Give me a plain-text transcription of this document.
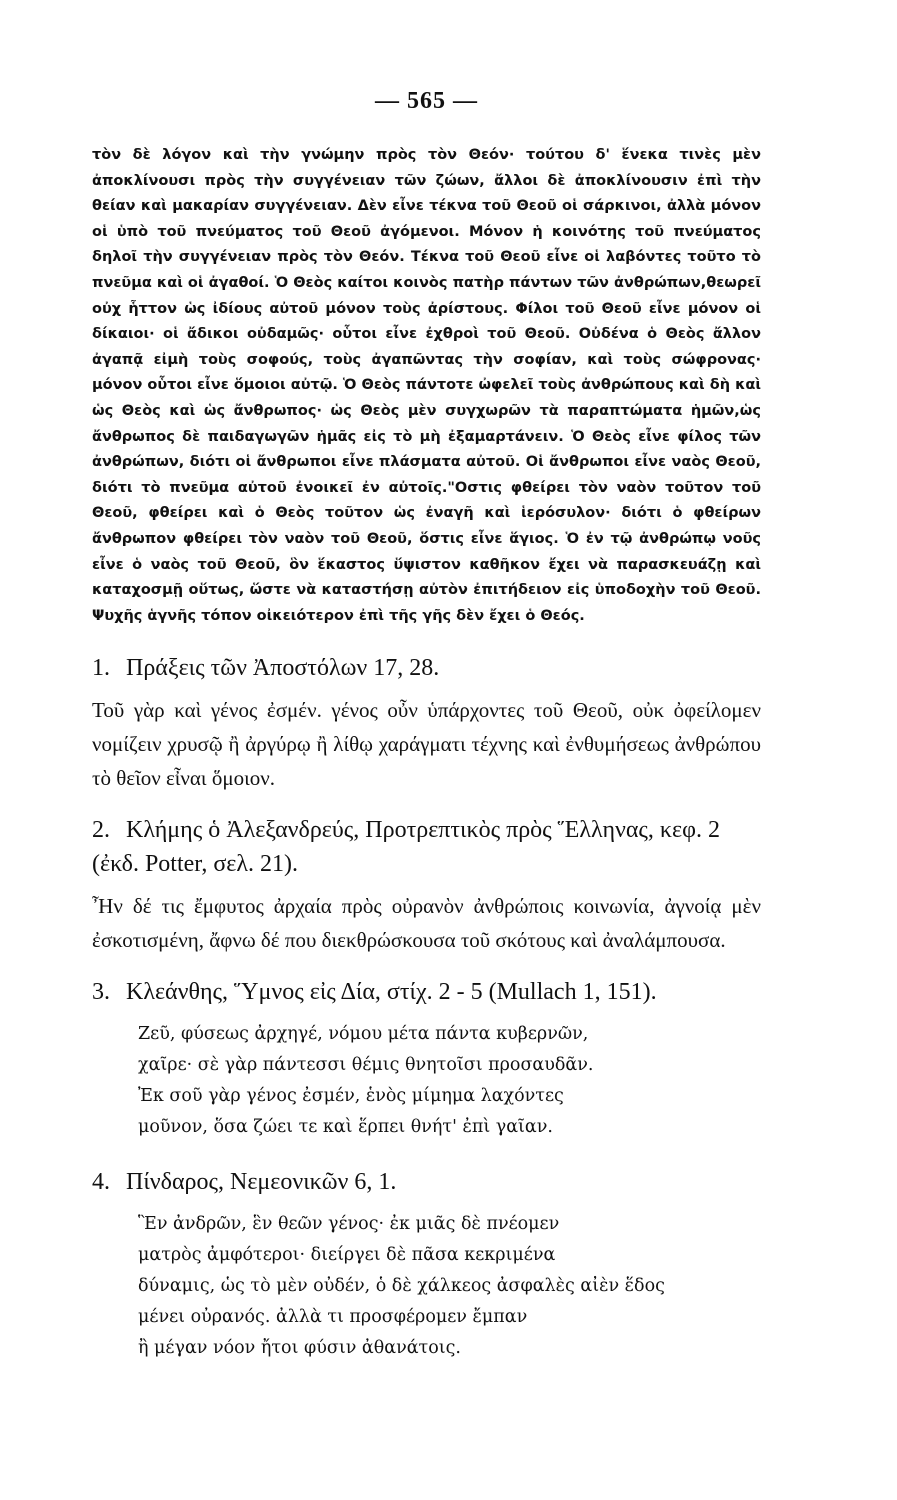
— 565 —

τὸν δὲ λόγον καὶ τὴν γνώμην πρὸς τὸν Θεόν· τούτου δ' ἕνεκα τινὲς μὲν ἀποκλίνουσι πρὸς τὴν συγγένειαν τῶν ζώων, ἄλλοι δὲ ἀποκλίνουσιν ἐπὶ τὴν θείαν καὶ μακαρίαν συγγένειαν. Δὲν εἶνε τέκνα τοῦ Θεοῦ οἱ σάρκινοι, ἀλλὰ μόνον οἱ ὑπὸ τοῦ πνεύματος τοῦ Θεοῦ ἀγόμενοι. Μόνον ἡ κοινότης τοῦ πνεύματος δηλοῖ τὴν συγγένειαν πρὸς τὸν Θεόν. Τέκνα τοῦ Θεοῦ εἶνε οἱ λαβόντες τοῦτο τὸ πνεῦμα καὶ οἱ ἀγαθοί. Ὁ Θεὸς καίτοι κοινὸς πατὴρ πάντων τῶν ἀνθρώπων,θεωρεῖ οὐχ ἧττον ὡς ἰδίους αὐτοῦ μόνον τοὺς ἀρίστους. Φίλοι τοῦ Θεοῦ εἶνε μόνον οἱ δίκαιοι· οἱ ἄδικοι οὐδαμῶς· οὗτοι εἶνε ἐχθροὶ τοῦ Θεοῦ. Οὐδένα ὁ Θεὸς ἄλλον ἀγαπᾷ εἰμὴ τοὺς σοφούς, τοὺς ἀγαπῶντας τὴν σοφίαν, καὶ τοὺς σώφρονας· μόνον οὗτοι εἶνε ὅμοιοι αὐτῷ. Ὁ Θεὸς πάντοτε ὠφελεῖ τοὺς ἀνθρώπους καὶ δὴ καὶ ὡς Θεὸς καὶ ὡς ἄνθρωπος· ὡς Θεὸς μὲν συγχωρῶν τὰ παραπτώματα ἡμῶν,ὡς ἄνθρωπος δὲ παιδαγωγῶν ἡμᾶς εἰς τὸ μὴ ἐξαμαρτάνειν. Ὁ Θεὸς εἶνε φίλος τῶν ἀνθρώπων, διότι οἱ ἄνθρωποι εἶνε πλάσματα αὐτοῦ. Οἱ ἄνθρωποι εἶνε ναὸς Θεοῦ, διότι τὸ πνεῦμα αὐτοῦ ἐνοικεῖ ἐν αὐτοῖς."Οστις φθείρει τὸν ναὸν τοῦτον τοῦ Θεοῦ, φθείρει καὶ ὁ Θεὸς τοῦτον ὡς ἐναγῆ καὶ ἱερόσυλον· διότι ὁ φθείρων ἄνθρωπον φθείρει τὸν ναὸν τοῦ Θεοῦ, ὅστις εἶνε ἅγιος. Ὁ ἐν τῷ ἀνθρώπῳ νοῦς εἶνε ὁ ναὸς τοῦ Θεοῦ, ὃν ἕκαστος ὕψιστον καθῆκον ἔχει νὰ παρασκευάζῃ καὶ καταχοσμῇ οὕτως, ὥστε νὰ καταστήσῃ αὐτὸν ἐπιτήδειον εἰς ὑποδοχὴν τοῦ Θεοῦ. Ψυχῆς ἁγνῆς τόπον οἰκειότερον ἐπὶ τῆς γῆς δὲν ἔχει ὁ Θεός.

1. Πράξεις τῶν Ἀποστόλων 17, 28.

Τοῦ γὰρ καὶ γένος ἐσμέν. γένος οὖν ὑπάρχοντες τοῦ Θεοῦ, οὐκ ὀφείλομεν νομίζειν χρυσῷ ἢ ἀργύρῳ ἢ λίθῳ χαράγματι τέχνης καὶ ἐνθυμήσεως ἀνθρώπου τὸ θεῖον εἶναι ὅμοιον.

2. Κλήμης ὁ Ἀλεξανδρεύς, Προτρεπτικὸς πρὸς Ἕλληνας, κεφ. 2 (ἐκδ. Potter, σελ. 21).

Ἦν δέ τις ἔμφυτος ἀρχαία πρὸς οὐρανὸν ἀνθρώποις κοινωνία, ἀγνοίᾳ μὲν ἐσκοτισμένη, ἄφνω δέ που διεκθρώσκουσα τοῦ σκότους καὶ ἀναλάμπουσα.

3. Κλεάνθης, Ὕμνος εἰς Δία, στίχ. 2 - 5 (Mullach 1, 151).
Ζεῦ, φύσεως ἀρχηγέ, νόμου μέτα πάντα κυβερνῶν,
χαῖρε· σὲ γὰρ πάντεσσι θέμις θνητοῖσι προσαυδᾶν.
Ἐκ σοῦ γὰρ γένος ἐσμέν, ἑνὸς μίμημα λαχόντες
μοῦνον, ὅσα ζώει τε καὶ ἕρπει θνήτ' ἐπὶ γαῖαν.
4. Πίνδαρος, Νεμεονικῶν 6, 1.
Ἓν ἀνδρῶν, ἓν θεῶν γένος· ἐκ μιᾶς δὲ πνέομεν
ματρὸς ἀμφότεροι· διείργει δὲ πᾶσα κεκριμένα
δύναμις, ὡς τὸ μὲν οὐδέν, ὁ δὲ χάλκεος ἀσφαλὲς αἰὲν ἕδος
μένει οὐρανός. ἀλλὰ τι προσφέρομεν ἔμπαν
ἢ μέγαν νόον ἤτοι φύσιν ἀθανάτοις.
